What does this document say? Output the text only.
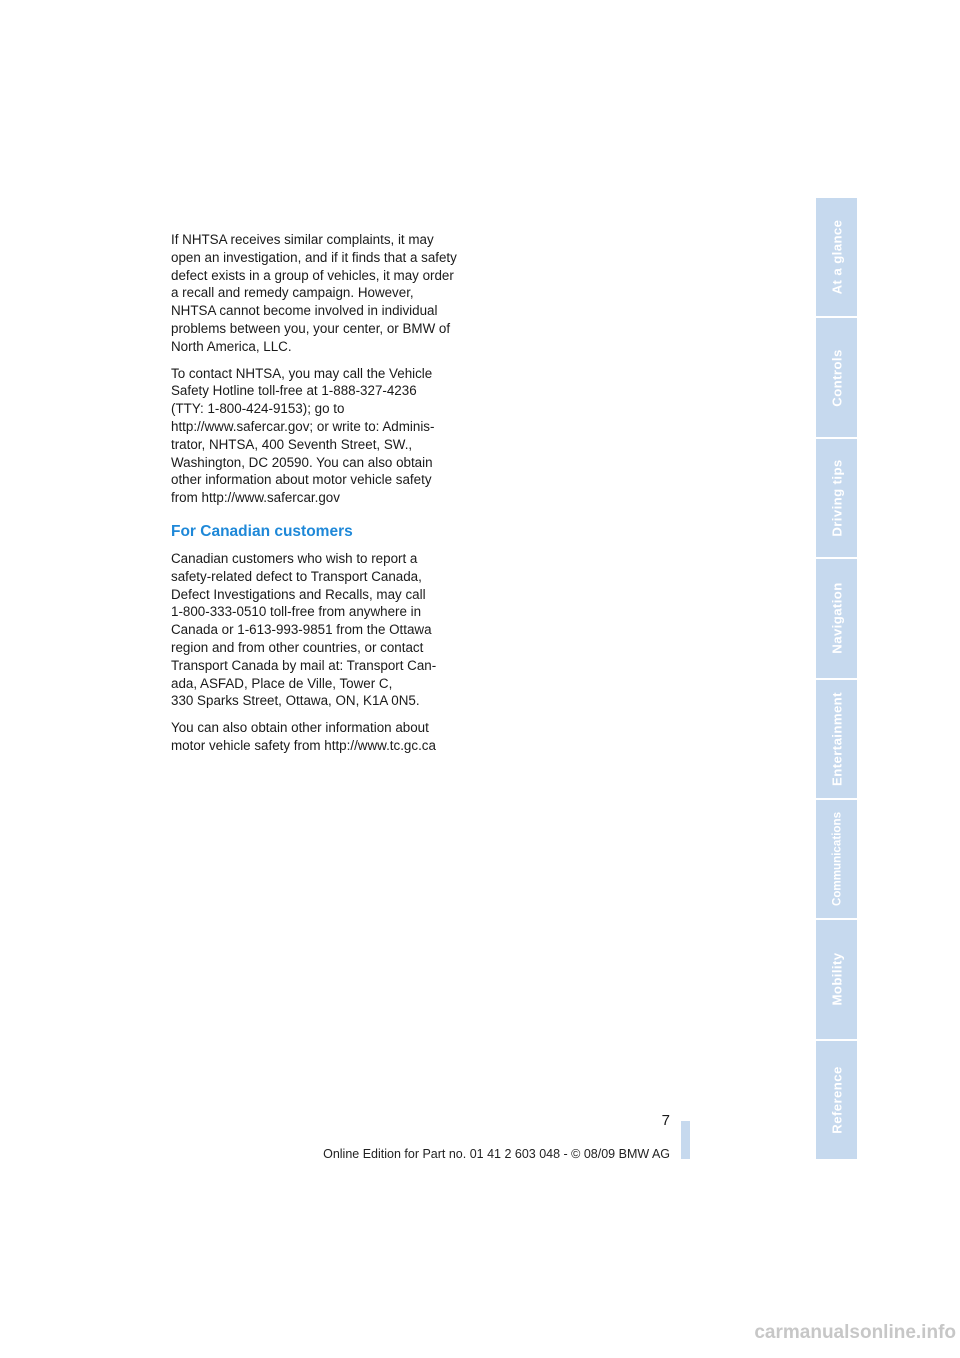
If NHTSA receives similar complaints, it may
open an investigation, and if it finds that a safety
defect exists in a group of vehicles, it may order
a recall and remedy campaign. However,
NHTSA cannot become involved in individual
problems between you, your center, or BMW of
North America, LLC.

To contact NHTSA, you may call the Vehicle
Safety Hotline toll-free at 1-888-327-4236
(TTY: 1-800-424-9153); go to
http://www.safercar.gov; or write to: Adminis-
trator, NHTSA, 400 Seventh Street, SW.,
Washington, DC 20590. You can also obtain
other information about motor vehicle safety
from http://www.safercar.gov

For Canadian customers

Canadian customers who wish to report a
safety-related defect to Transport Canada,
Defect Investigations and Recalls, may call
1-800-333-0510 toll-free from anywhere in
Canada or 1-613-993-9851 from the Ottawa
region and from other countries, or contact
Transport Canada by mail at: Transport Can-
ada, ASFAD, Place de Ville, Tower C,
330 Sparks Street, Ottawa, ON, K1A 0N5.

You can also obtain other information about
motor vehicle safety from http://www.tc.gc.ca

At a glance
Controls
Driving tips
Navigation
Entertainment
Communications
Mobility
Reference
7
Online Edition for Part no. 01 41 2 603 048 - © 08/09 BMW AG
carmanualsonline.info
